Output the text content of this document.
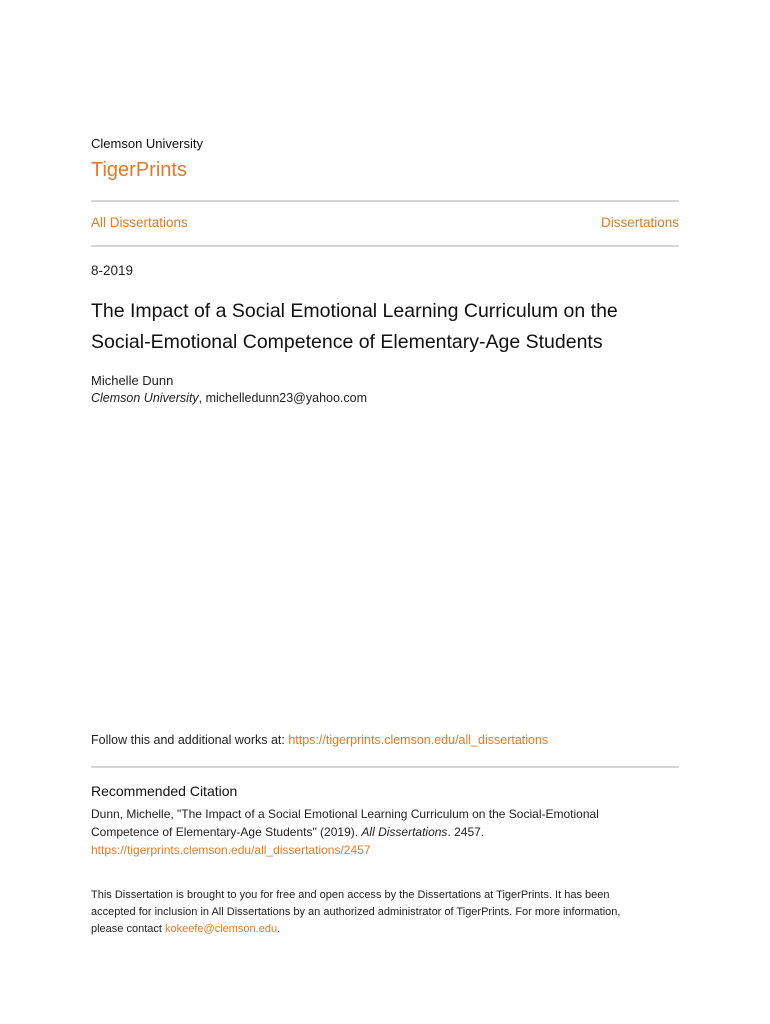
Clemson University
TigerPrints
All Dissertations	Dissertations
8-2019
The Impact of a Social Emotional Learning Curriculum on the
Social-Emotional Competence of Elementary-Age Students
Michelle Dunn
Clemson University, michelledunn23@yahoo.com
Follow this and additional works at: https://tigerprints.clemson.edu/all_dissertations
Recommended Citation
Dunn, Michelle, "The Impact of a Social Emotional Learning Curriculum on the Social-Emotional
Competence of Elementary-Age Students" (2019). All Dissertations. 2457.
https://tigerprints.clemson.edu/all_dissertations/2457
This Dissertation is brought to you for free and open access by the Dissertations at TigerPrints. It has been
accepted for inclusion in All Dissertations by an authorized administrator of TigerPrints. For more information,
please contact kokeefe@clemson.edu.
